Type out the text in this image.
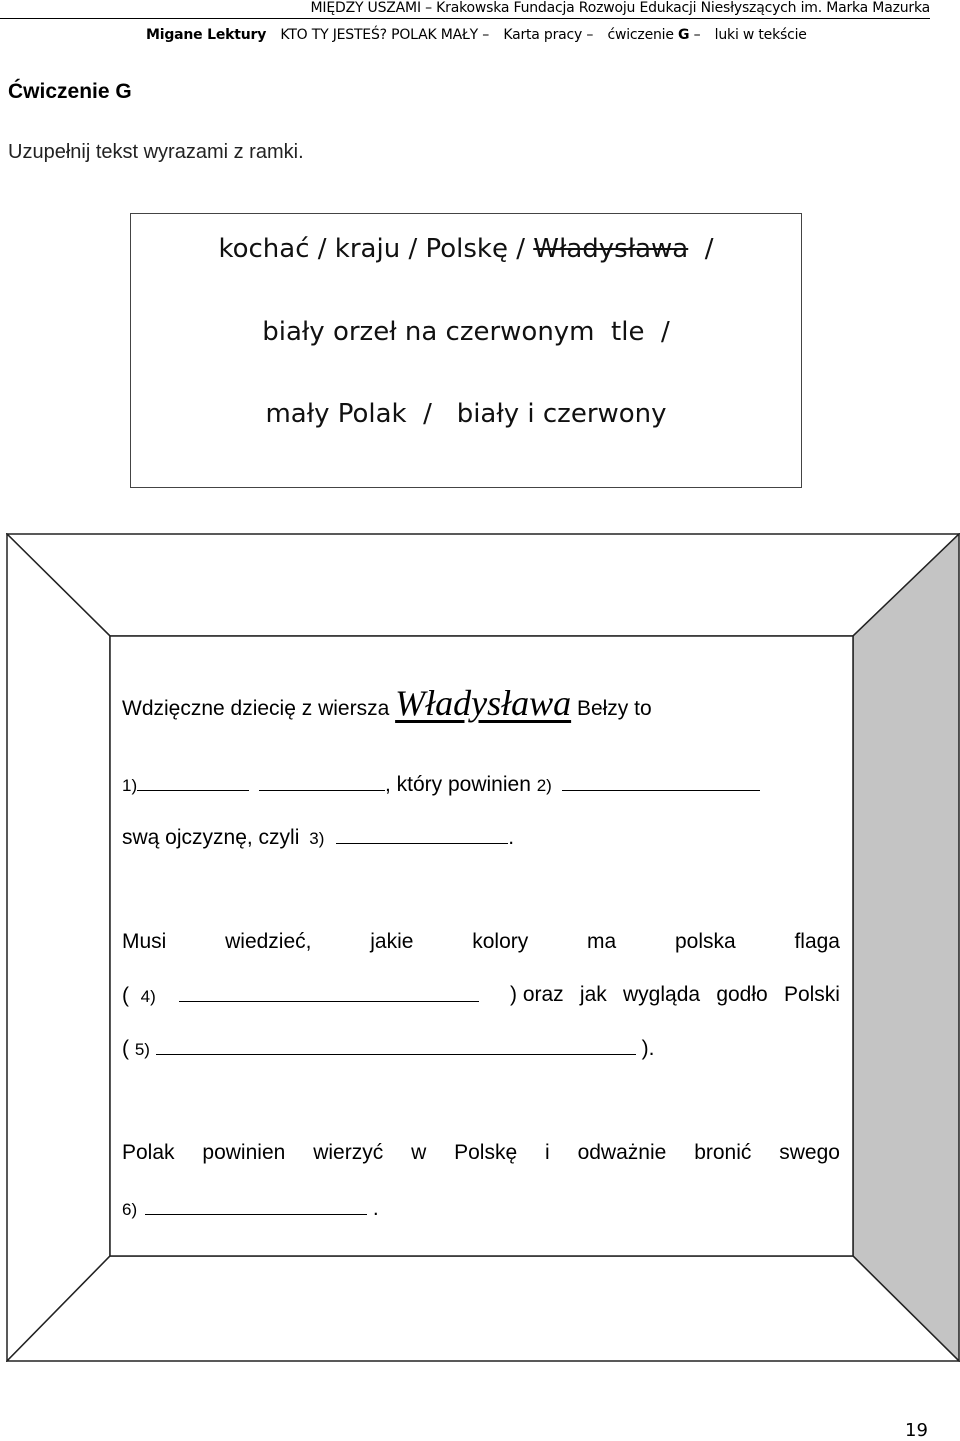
MIĘDZY USZAMI – Krakowska Fundacja Rozwoju Edukacji Niesłyszących im. Marka Mazurka
Migane Lektury KTO TY JESTEŚ? POLAK MAŁY – Karta pracy – ćwiczenie G – luki w tekście
Ćwiczenie G
Uzupełnij tekst wyrazami z ramki.
kochać / kraju / Polskę / Władysława  /
biały orzeł na czerwonym  tle  /
mały Polak  /   biały i czerwony
Wdzięczne dziecię z wiersza Władysława Bełzy to
1)	, który powinien 2)
swą ojczyznę, czyli 3)	.
Musi	wiedzieć,	jakie	kolory	ma	polska	flaga
( 4)	) oraz jak wygląda godło Polski
( 5)	).
Polak powinien wierzyć w Polskę i odważnie bronić swego
6)	.
19
